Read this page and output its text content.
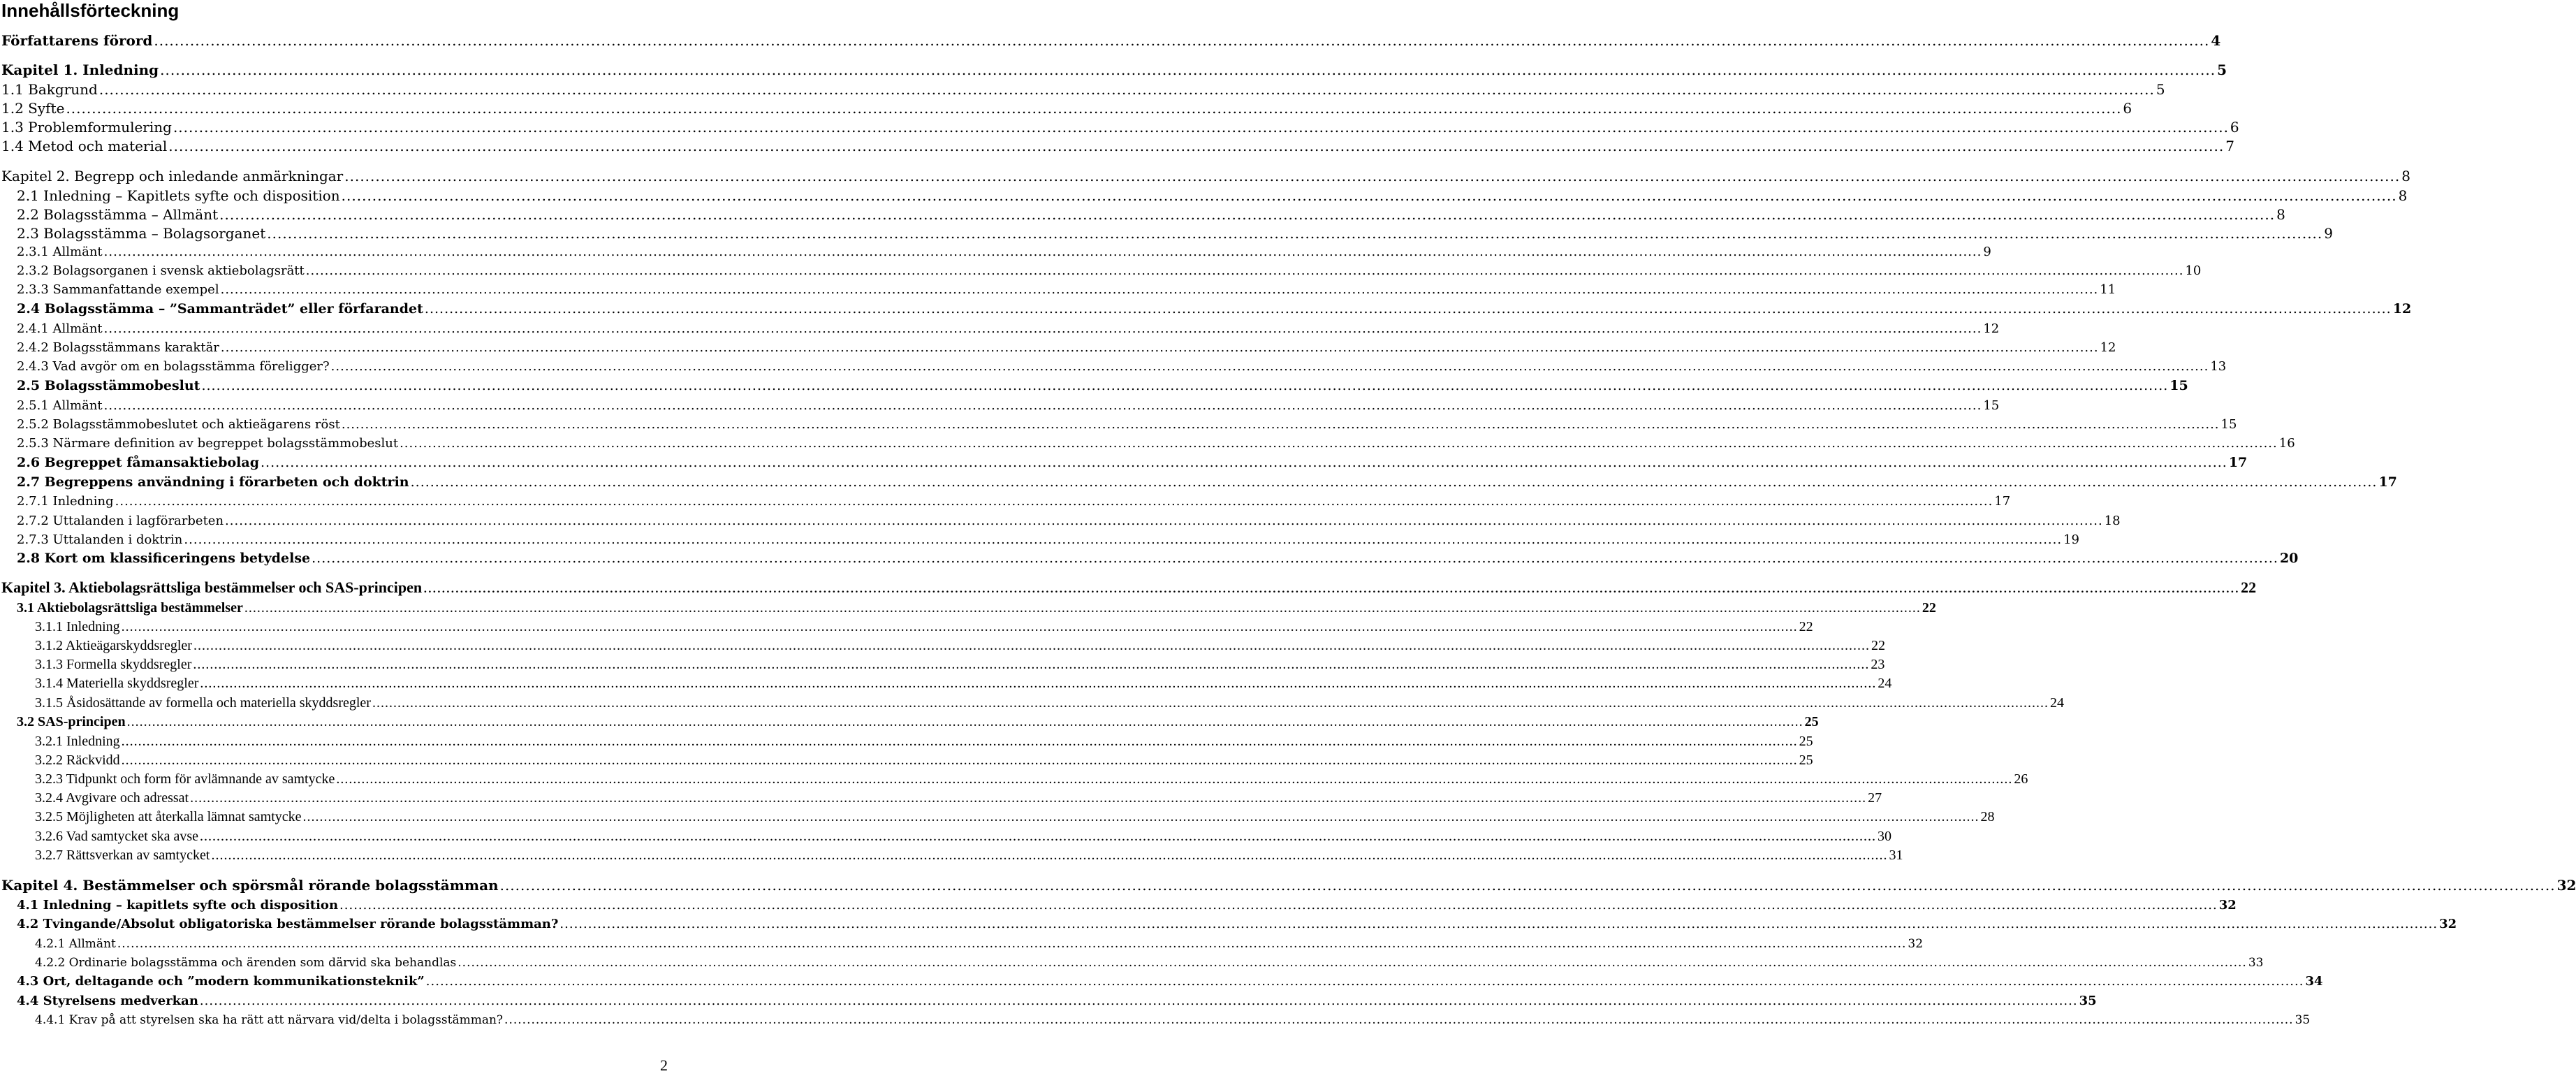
Innehållsförteckning
Författarens förord ................................................................................................................................................................................................................................................................................................................................................................................................................ 4
Kapitel 1. Inledning ................................................................................................................................................................................................................................................................................................................................................................................................................ 5
1.1 Bakgrund ................................................................................................................................................................................................................................................................................................................................................................................................................ 5
1.2 Syfte ................................................................................................................................................................................................................................................................................................................................................................................................................ 6
1.3 Problemformulering ................................................................................................................................................................................................................................................................................................................................................................................................................ 6
1.4 Metod och material ................................................................................................................................................................................................................................................................................................................................................................................................................ 7
Kapitel 2. Begrepp och inledande anmärkningar ................................................................................................................................................................................................................................................................................................................................................................................................................ 8
2.1 Inledning – Kapitlets syfte och disposition ................................................................................................................................................................................................................................................................................................................................................................................................................ 8
2.2 Bolagsstämma – Allmänt ................................................................................................................................................................................................................................................................................................................................................................................................................ 8
2.3 Bolagsstämma – Bolagsorganet ................................................................................................................................................................................................................................................................................................................................................................................................................ 9
2.3.1 Allmänt ................................................................................................................................................................................................................................................................................................................................................................................................................ 9
2.3.2 Bolagsorganen i svensk aktiebolagsrätt ................................................................................................................................................................................................................................................................................................................................................................................................................ 10
2.3.3 Sammanfattande exempel ................................................................................................................................................................................................................................................................................................................................................................................................................ 11
2.4 Bolagsstämma – ”Sammanträdet” eller förfarandet ................................................................................................................................................................................................................................................................................................................................................................................................................ 12
2.4.1 Allmänt ................................................................................................................................................................................................................................................................................................................................................................................................................ 12
2.4.2 Bolagsstämmans karaktär ................................................................................................................................................................................................................................................................................................................................................................................................................ 12
2.4.3 Vad avgör om en bolagsstämma föreligger? ................................................................................................................................................................................................................................................................................................................................................................................................................ 13
2.5 Bolagsstämmobeslut ................................................................................................................................................................................................................................................................................................................................................................................................................ 15
2.5.1 Allmänt ................................................................................................................................................................................................................................................................................................................................................................................................................ 15
2.5.2 Bolagsstämmobeslutet och aktieägarens röst ................................................................................................................................................................................................................................................................................................................................................................................................................ 15
2.5.3 Närmare definition av begreppet bolagsstämmobeslut ................................................................................................................................................................................................................................................................................................................................................................................................................ 16
2.6 Begreppet fåmansaktiebolag ................................................................................................................................................................................................................................................................................................................................................................................................................ 17
2.7 Begreppens användning i förarbeten och doktrin ................................................................................................................................................................................................................................................................................................................................................................................................................ 17
2.7.1 Inledning ................................................................................................................................................................................................................................................................................................................................................................................................................ 17
2.7.2 Uttalanden i lagförarbeten ................................................................................................................................................................................................................................................................................................................................................................................................................ 18
2.7.3 Uttalanden i doktrin ................................................................................................................................................................................................................................................................................................................................................................................................................ 19
2.8 Kort om klassificeringens betydelse ................................................................................................................................................................................................................................................................................................................................................................................................................ 20
Kapitel 3. Aktiebolagsrättsliga bestämmelser och SAS-principen ................................................................................................................................................................................................................................................................................................................................................................................................................ 22
3.1 Aktiebolagsrättsliga bestämmelser ................................................................................................................................................................................................................................................................................................................................................................................................................ 22
3.1.1 Inledning ................................................................................................................................................................................................................................................................................................................................................................................................................ 22
3.1.2 Aktieägarskyddsregler ................................................................................................................................................................................................................................................................................................................................................................................................................ 22
3.1.3 Formella skyddsregler ................................................................................................................................................................................................................................................................................................................................................................................................................ 23
3.1.4 Materiella skyddsregler ................................................................................................................................................................................................................................................................................................................................................................................................................ 24
3.1.5 Åsidosättande av formella och materiella skyddsregler ................................................................................................................................................................................................................................................................................................................................................................................................................ 24
3.2 SAS-principen ................................................................................................................................................................................................................................................................................................................................................................................................................ 25
3.2.1 Inledning ................................................................................................................................................................................................................................................................................................................................................................................................................ 25
3.2.2 Räckvidd ................................................................................................................................................................................................................................................................................................................................................................................................................ 25
3.2.3 Tidpunkt och form för avlämnande av samtycke ................................................................................................................................................................................................................................................................................................................................................................................................................ 26
3.2.4 Avgivare och adressat ................................................................................................................................................................................................................................................................................................................................................................................................................ 27
3.2.5 Möjligheten att återkalla lämnat samtycke ................................................................................................................................................................................................................................................................................................................................................................................................................ 28
3.2.6 Vad samtycket ska avse ................................................................................................................................................................................................................................................................................................................................................................................................................ 30
3.2.7 Rättsverkan av samtycket ................................................................................................................................................................................................................................................................................................................................................................................................................ 31
Kapitel 4. Bestämmelser och spörsmål rörande bolagsstämman ................................................................................................................................................................................................................................................................................................................................................................................................................ 32
4.1 Inledning – kapitlets syfte och disposition ................................................................................................................................................................................................................................................................................................................................................................................................................ 32
4.2 Tvingande/Absolut obligatoriska bestämmelser rörande bolagsstämman? ................................................................................................................................................................................................................................................................................................................................................................................................................ 32
4.2.1 Allmänt ................................................................................................................................................................................................................................................................................................................................................................................................................ 32
4.2.2 Ordinarie bolagsstämma och ärenden som därvid ska behandlas ................................................................................................................................................................................................................................................................................................................................................................................................................ 33
4.3 Ort, deltagande och ”modern kommunikationsteknik” ................................................................................................................................................................................................................................................................................................................................................................................................................ 34
4.4 Styrelsens medverkan ................................................................................................................................................................................................................................................................................................................................................................................................................ 35
4.4.1 Krav på att styrelsen ska ha rätt att närvara vid/delta i bolagsstämman? ................................................................................................................................................................................................................................................................................................................................................................................................................ 35
2
